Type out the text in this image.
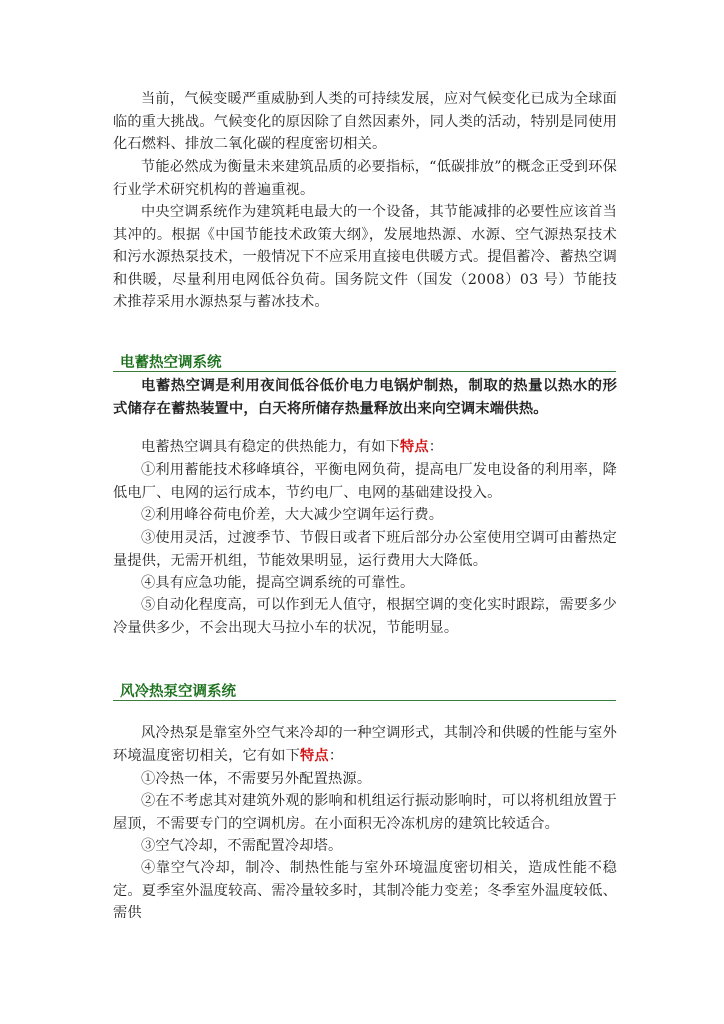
当前，气候变暖严重威胁到人类的可持续发展，应对气候变化已成为全球面临的重大挑战。气候变化的原因除了自然因素外，同人类的活动，特别是同使用化石燃料、排放二氧化碳的程度密切相关。

节能必然成为衡量未来建筑品质的必要指标，“低碳排放”的概念正受到环保行业学术研究机构的普遍重视。

中央空调系统作为建筑耗电最大的一个设备，其节能减排的必要性应该首当其冲的。根据《中国节能技术政策大纲》，发展地热源、水源、空气源热泵技术和污水源热泵技术，一般情况下不应采用直接电供暖方式。提倡蓄冷、蓄热空调和供暖，尽量利用电网低谷负荷。国务院文件（国发（2008）03 号）节能技术推荐采用水源热泵与蓄冰技术。

电蓄热空调系统

电蓄热空调是利用夜间低谷低价电力电锅炉制热，制取的热量以热水的形式储存在蓄热装置中，白天将所储存热量释放出来向空调末端供热。

电蓄热空调具有稳定的供热能力，有如下特点：

①利用蓄能技术移峰填谷，平衡电网负荷，提高电厂发电设备的利用率，降低电厂、电网的运行成本，节约电厂、电网的基础建设投入。

②利用峰谷荷电价差，大大减少空调年运行费。

③使用灵活，过渡季节、节假日或者下班后部分办公室使用空调可由蓄热定量提供，无需开机组，节能效果明显，运行费用大大降低。

④具有应急功能，提高空调系统的可靠性。

⑤自动化程度高，可以作到无人值守，根据空调的变化实时跟踪，需要多少冷量供多少，不会出现大马拉小车的状况，节能明显。

风冷热泵空调系统

风冷热泵是靠室外空气来冷却的一种空调形式，其制冷和供暖的性能与室外环境温度密切相关，它有如下特点：

①冷热一体，不需要另外配置热源。

②在不考虑其对建筑外观的影响和机组运行振动影响时，可以将机组放置于屋顶，不需要专门的空调机房。在小面积无冷冻机房的建筑比较适合。

③空气冷却，不需配置冷却塔。

④靠空气冷却，制冷、制热性能与室外环境温度密切相关，造成性能不稳定。夏季室外温度较高、需冷量较多时，其制冷能力变差；冬季室外温度较低、需供
